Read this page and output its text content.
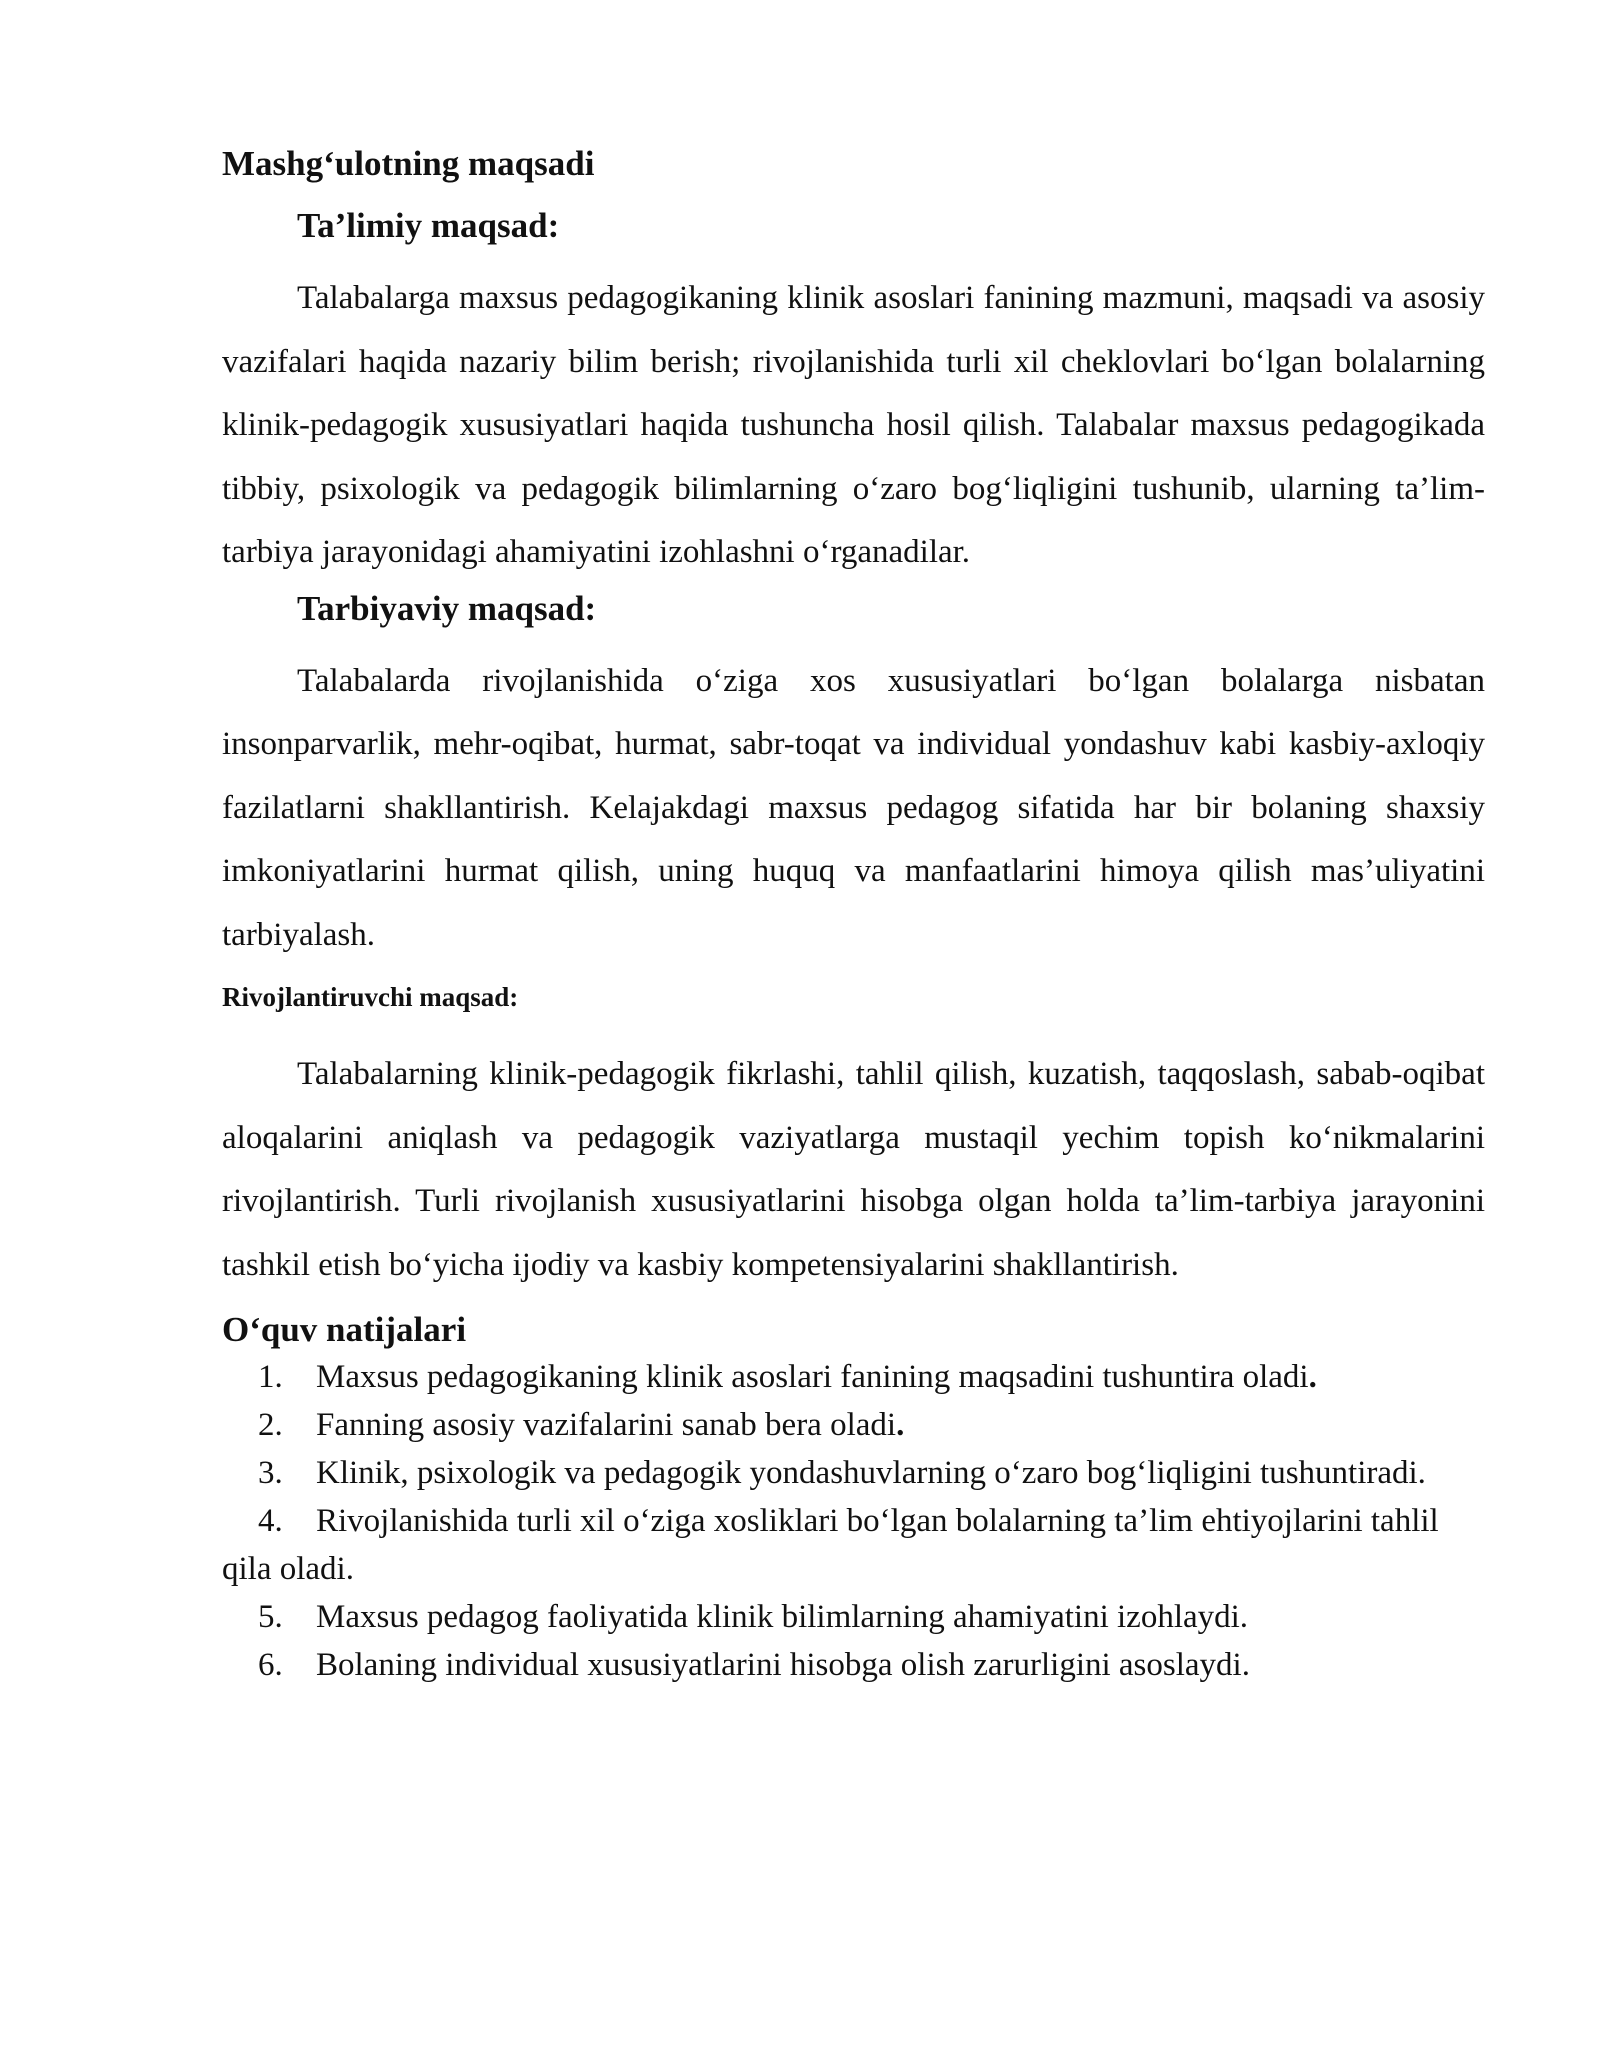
Mashg‘ulotning maqsadi
Ta’limiy maqsad:

Talabalarga maxsus pedagogikaning klinik asoslari fanining mazmuni, maqsadi va asosiy vazifalari haqida nazariy bilim berish; rivojlanishida turli xil cheklovlari bo‘lgan bolalarning klinik-pedagogik xususiyatlari haqida tushuncha hosil qilish. Talabalar maxsus pedagogikada tibbiy, psixologik va pedagogik bilimlarning o‘zaro bog‘liqligini tushunib, ularning ta’lim-tarbiya jarayonidagi ahamiyatini izohlashni o‘rganadilar.

Tarbiyaviy maqsad:

Talabalarda rivojlanishida o‘ziga xos xususiyatlari bo‘lgan bolalarga nisbatan insonparvarlik, mehr-oqibat, hurmat, sabr-toqat va individual yondashuv kabi kasbiy-axloqiy fazilatlarni shakllantirish. Kelajakdagi maxsus pedagog sifatida har bir bolaning shaxsiy imkoniyatlarini hurmat qilish, uning huquq va manfaatlarini himoya qilish mas’uliyatini tarbiyalash.

Rivojlantiruvchi maqsad:

Talabalarning klinik-pedagogik fikrlashi, tahlil qilish, kuzatish, taqqoslash, sabab-oqibat aloqalarini aniqlash va pedagogik vaziyatlarga mustaqil yechim topish ko‘nikmalarini rivojlantirish. Turli rivojlanish xususiyatlarini hisobga olgan holda ta’lim-tarbiya jarayonini tashkil etish bo‘yicha ijodiy va kasbiy kompetensiyalarini shakllantirish.

O‘quv natijalari
1. Maxsus pedagogikaning klinik asoslari fanining maqsadini tushuntira oladi.
2. Fanning asosiy vazifalarini sanab bera oladi.
3. Klinik, psixologik va pedagogik yondashuvlarning o‘zaro bog‘liqligini tushuntiradi.
4. Rivojlanishida turli xil o‘ziga xosliklari bo‘lgan bolalarning ta’lim ehtiyojlarini tahlil qila oladi.
5. Maxsus pedagog faoliyatida klinik bilimlarning ahamiyatini izohlaydi.
6. Bolaning individual xususiyatlarini hisobga olish zarurligini asoslaydi.
